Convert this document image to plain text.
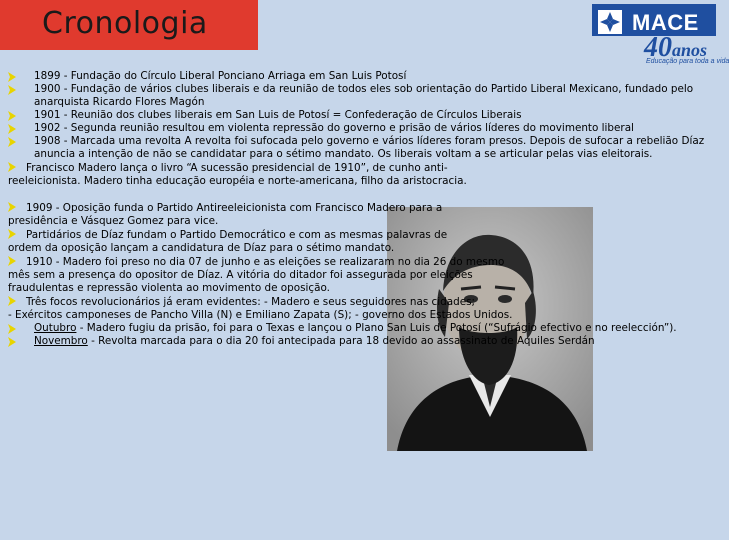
Cronologia	MACE
40anos
Educação para toda a vida
1899 - Fundação do Círculo Liberal Ponciano Arriaga em San Luis Potosí
1900 - Fundação de vários clubes liberais e da reunião de todos eles sob orientação do Partido Liberal Mexicano, fundado pelo anarquista Ricardo Flores Magón
1901 - Reunião dos clubes liberais em San Luis de Potosí = Confederação de Círculos Liberais
1902 - Segunda reunião resultou em violenta repressão do governo e prisão de vários líderes do movimento liberal
1908 - Marcada uma revolta A revolta foi sufocada pelo governo e vários líderes foram presos. Depois de sufocar a rebelião Díaz anuncia a intenção de não se candidatar para o sétimo mandato. Os liberais voltam a se articular pelas vias eleitorais.

Francisco Madero lança o livro “A sucessão presidencial de 1910”, de cunho anti-reeleicionista. Madero tinha educação européia e norte-americana, filho da aristocracia.

1909 - Oposição funda o Partido Antireeleicionista com Francisco Madero para a presidência e Vásquez Gomez para vice.

Partidários de Díaz fundam o Partido Democrático e com as mesmas palavras de ordem da oposição lançam a candidatura de Díaz para o sétimo mandato.

1910 - Madero foi preso no dia 07 de junho e as eleições se realizaram no dia 26 do mesmo mês sem a presença do opositor de Díaz. A vitória do ditador foi assegurada por eleições fraudulentas e repressão violenta ao movimento de oposição.

Três focos revolucionários já eram evidentes: - Madero e seus seguidores nas cidades;

- Exércitos camponeses de Pancho Villa (N) e Emiliano Zapata (S); - governo dos Estados Unidos.

Outubro - Madero fugiu da prisão, foi para o Texas e lançou o Plano San Luis de Potosí (“Sufrágio efectivo e no reelección”).
Novembro - Revolta marcada para o dia 20 foi antecipada para 18 devido ao assassinato de Aquiles Serdán
